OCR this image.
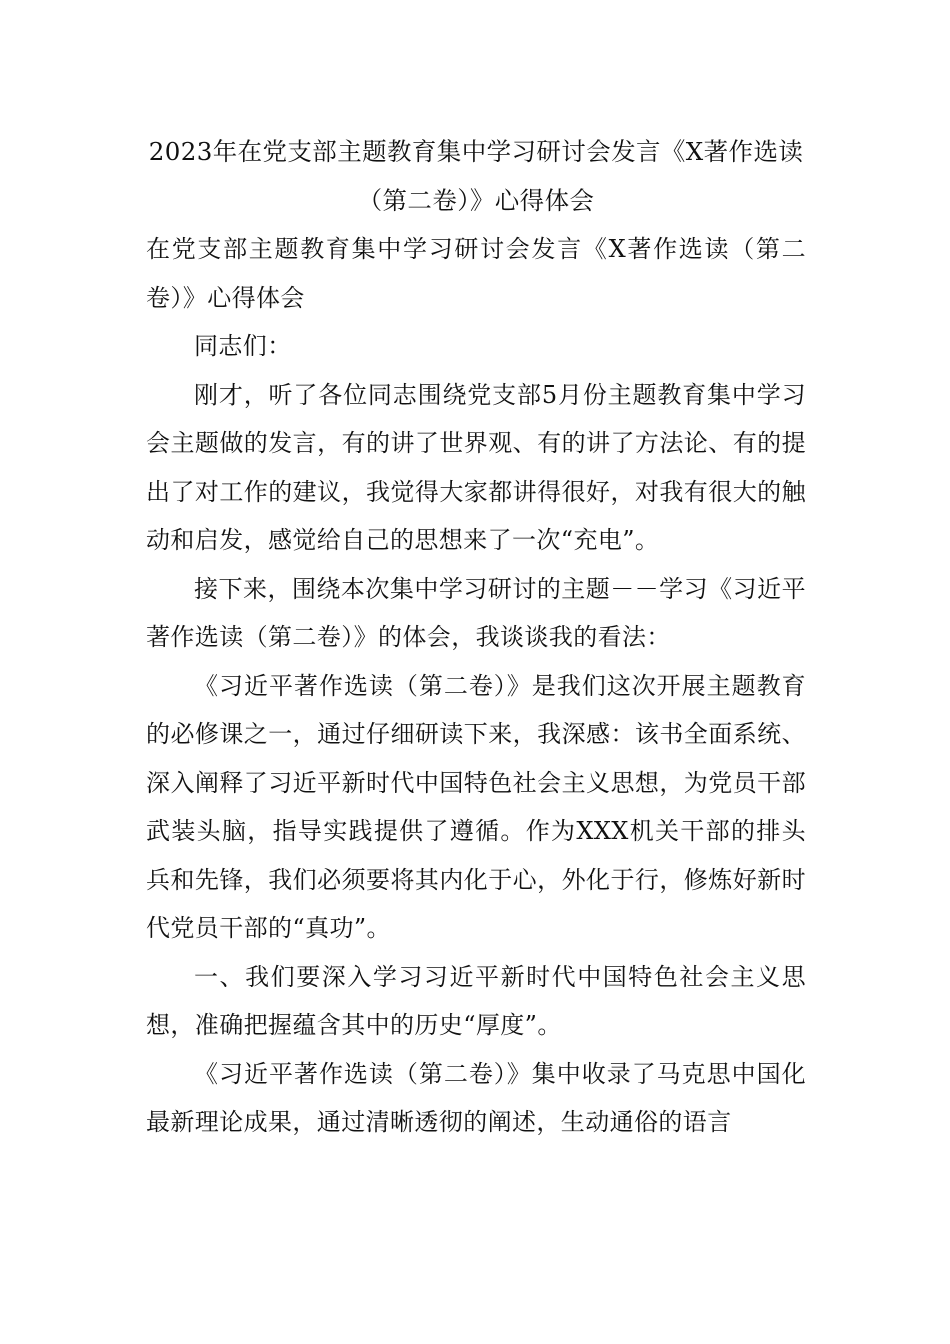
2023年在党支部主题教育集中学习研讨会发言《X著作选读（第二卷）》心得体会

在党支部主题教育集中学习研讨会发言《X著作选读（第二卷）》心得体会

同志们：

刚才，听了各位同志围绕党支部5月份主题教育集中学习会主题做的发言，有的讲了世界观、有的讲了方法论、有的提出了对工作的建议，我觉得大家都讲得很好，对我有很大的触动和启发，感觉给自己的思想来了一次“充电”。

接下来，围绕本次集中学习研讨的主题－－学习《习近平著作选读（第二卷）》的体会，我谈谈我的看法：

《习近平著作选读（第二卷）》是我们这次开展主题教育的必修课之一，通过仔细研读下来，我深感：该书全面系统、深入阐释了习近平新时代中国特色社会主义思想，为党员干部武装头脑，指导实践提供了遵循。作为XXX机关干部的排头兵和先锋，我们必须要将其内化于心，外化于行，修炼好新时代党员干部的“真功”。

一、我们要深入学习习近平新时代中国特色社会主义思想，准确把握蕴含其中的历史“厚度”。

《习近平著作选读（第二卷）》集中收录了马克思中国化最新理论成果，通过清晰透彻的阐述，生动通俗的语言
